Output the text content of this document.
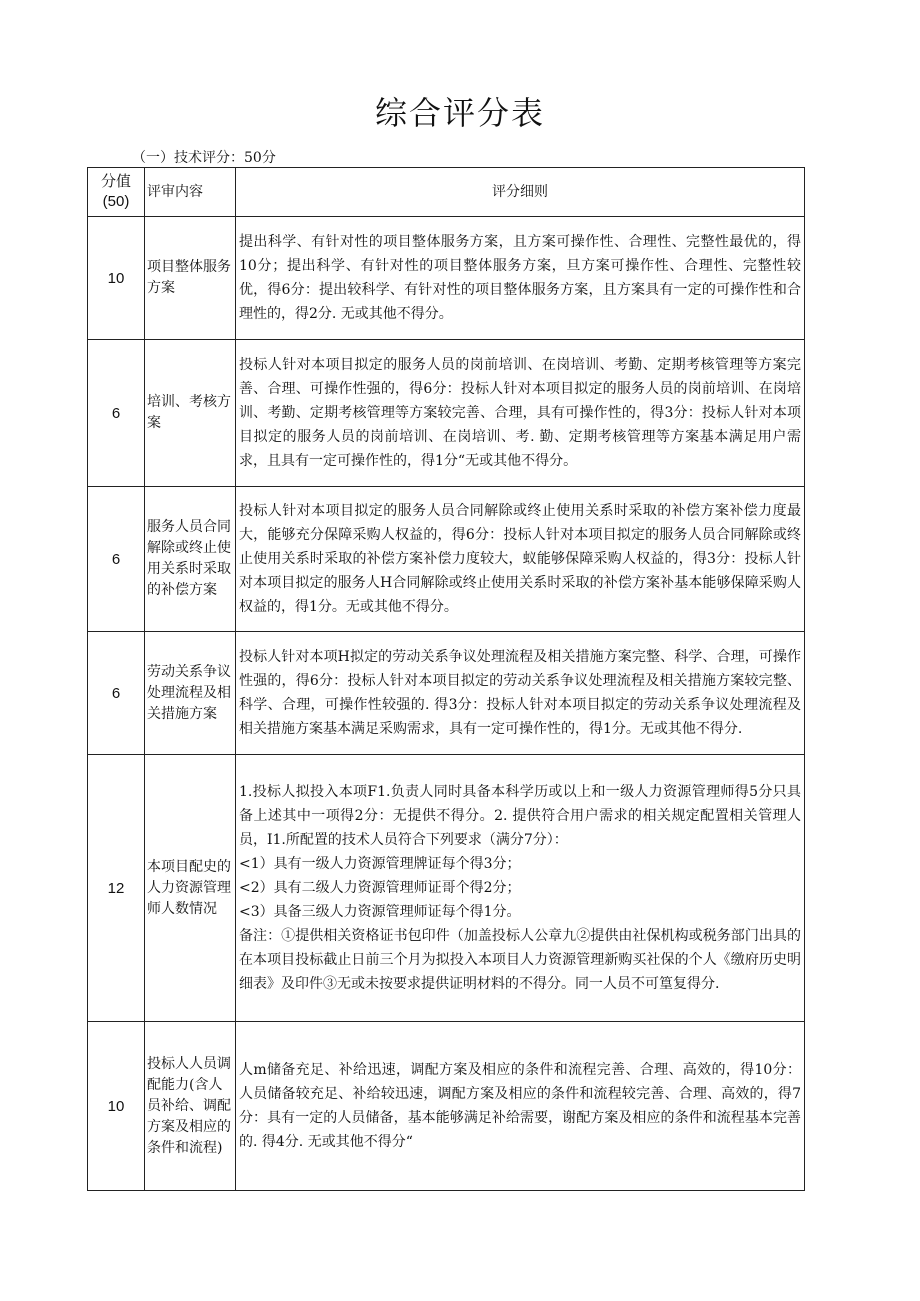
综合评分表
（一）技术评分：50分
分值
(50)	评审内容	评分细则
10	项目整体服务方案	提出科学、有针对性的项目整体服务方案，且方案可操作性、合理性、完整性最优的，得10分；提出科学、有针对性的项目整体服务方案，旦方案可操作性、合理性、完整性较优，得6分：提出较科学、有针对性的项目整体服务方案，且方案具有一定的可操作性和合理性的，得2分. 无或其他不得分。
6	培训、考核方案	投标人针对本项目拟定的服务人员的岗前培训、在岗培训、考勤、定期考核管理等方案完善、合理、可操作性强的，得6分：投标人针对本项目拟定的服务人员的岗前培训、在岗培训、考勤、定期考核管理等方案较完善、合理，具有可操作性的，得3分：投标人针对本项目拟定的服务人员的岗前培训、在岗培训、考. 勤、定期考核管理等方案基本满足用户需求，且具有一定可操作性的，得1分“无或其他不得分。
6	服务人员合同解除或终止使用关系时采取的补偿方案	投标人针对本项目拟定的服务人员合同解除或终止使用关系时采取的补偿方案补偿力度最大，能够充分保障采购人权益的，得6分：投标人针对本项目拟定的服务人员合同解除或终止使用关系时采取的补偿方案补偿力度较大，蚁能够保障采购人权益的，得3分：投标人针对本项目拟定的服务人H合同解除或终止使用关系时采取的补偿方案补基本能够保障采购人权益的，得1分。无或其他不得分。
6	劳动关系争议处理流程及相关措施方案	投标人针对本项H拟定的劳动关系争议处理流程及相关措施方案完整、科学、合理，可操作性强的，得6分：投标人针对本项目拟定的劳动关系争议处理流程及相关措施方案较完整、科学、合理，可操作性较强的. 得3分：投标人针对本项目拟定的劳动关系争议处理流程及相关措施方案基本满足采购需求，具有一定可操作性的，得1分。无或其他不得分.
12	本项目配史的人力资源管理师人数情况	1.投标人拟投入本项F1.负责人同时具备本科学历或以上和一级人力资源管理师得5分只具备上述其中一项得2分：无提供不得分。2. 提供符合用户需求的相关规定配置相关管理人员，I1.所配置的技术人员符合下列要求（满分7分）：
<1）具有一级人力资源管理牌证每个得3分；
<2）具有二级人力资源管理师证哥个得2分；
<3）具备三级人力资源管理师证每个得1分。
备注：①提供相关资格证书包印件（加盖投标人公章九②提供由社保机构或税务部门出具的在本项目投标截止日前三个月为拟投入本项目人力资源管理新购买社保的个人《缴府历史明细表》及印件③无或未按要求提供证明材料的不得分。同一人员不可篁复得分.

10	投标人人员调配能力(含人员补给、调配方案及相应的条件和流程)	人m储备充足、补给迅速，调配方案及相应的条件和流程完善、合理、高效的，得10分：人员储备较充足、补给较迅速，调配方案及相应的条件和流程较完善、合理、高效的，得7分：具有一定的人员储备，基本能够满足补给需要，谢配方案及相应的条件和流程基本完善的. 得4分. 无或其他不得分“
